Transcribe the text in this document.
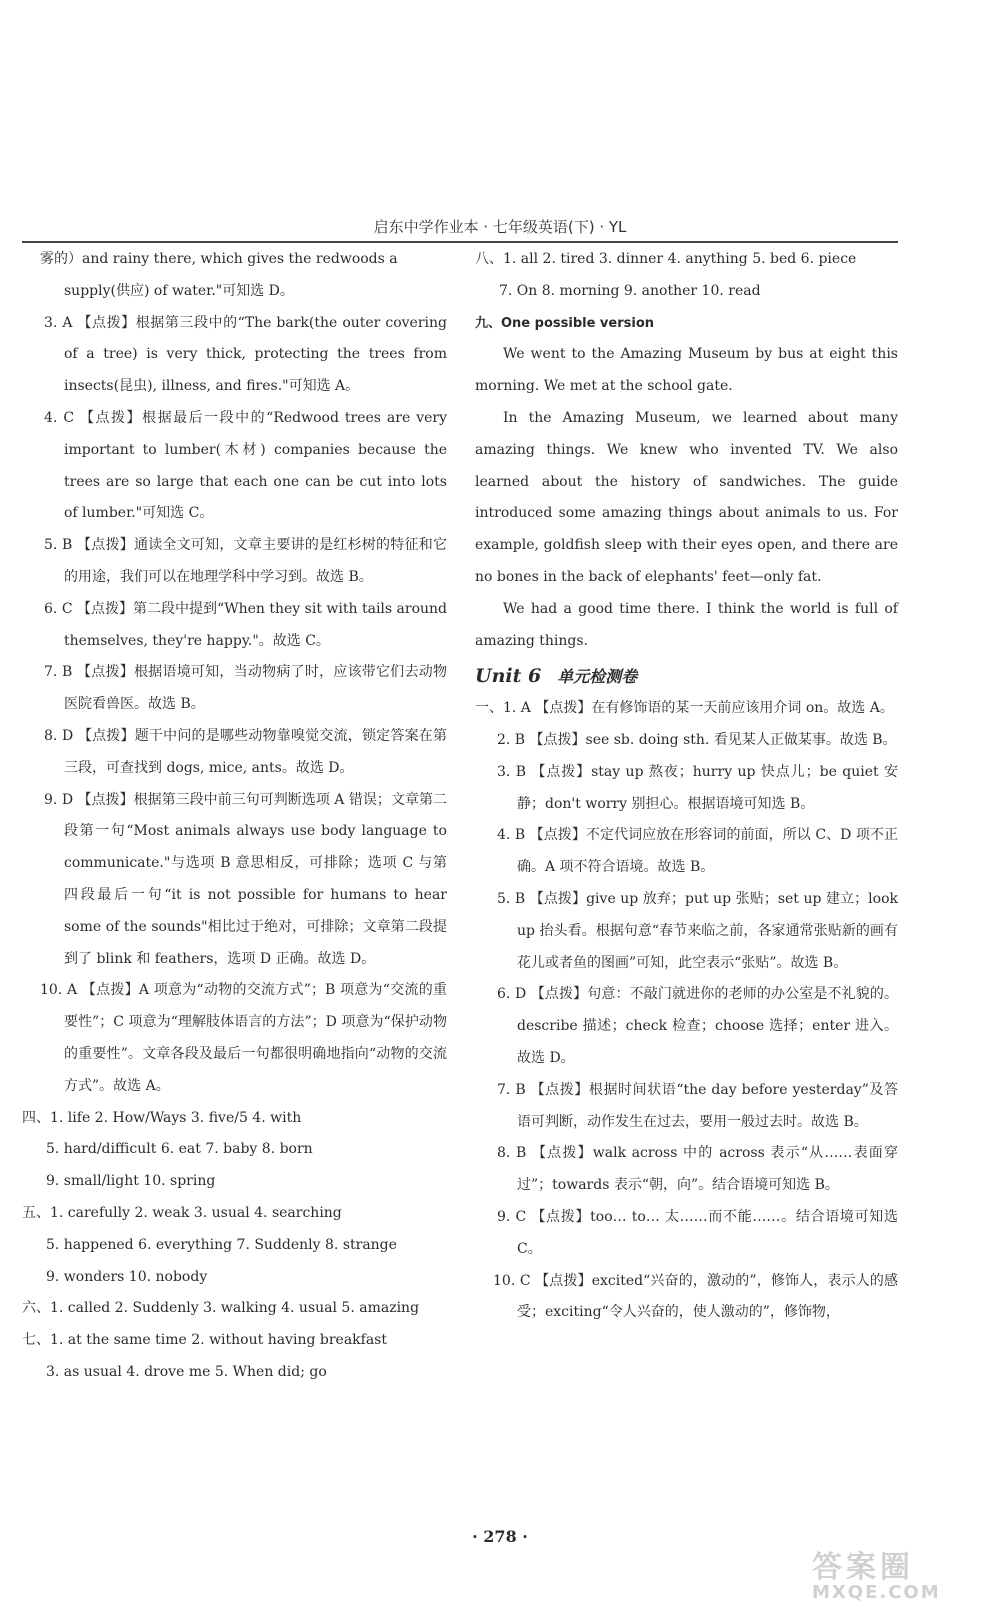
启东中学作业本 · 七年级英语(下) · YL

雾的）and rainy there, which gives the redwoods a

supply(供应) of water."可知选 D。

3. A 【点拨】根据第三段中的“The bark(the outer covering of a tree) is very thick, protecting the trees from insects(昆虫), illness, and fires."可知选 A。

4. C 【点拨】根据最后一段中的“Redwood trees are very important to lumber(木材) companies because the trees are so large that each one can be cut into lots of lumber."可知选 C。

5. B 【点拨】通读全文可知，文章主要讲的是红杉树的特征和它的用途，我们可以在地理学科中学习到。故选 B。

6. C 【点拨】第二段中提到“When they sit with tails around themselves, they're happy."。故选 C。

7. B 【点拨】根据语境可知，当动物病了时，应该带它们去动物医院看兽医。故选 B。

8. D 【点拨】题干中问的是哪些动物靠嗅觉交流，锁定答案在第三段，可查找到 dogs, mice, ants。故选 D。

9. D 【点拨】根据第三段中前三句可判断选项 A 错误；文章第二段第一句“Most animals always use body language to communicate."与选项 B 意思相反，可排除；选项 C 与第四段最后一句“it is not possible for humans to hear some of the sounds"相比过于绝对，可排除；文章第二段提到了 blink 和 feathers，选项 D 正确。故选 D。

10. A 【点拨】A 项意为“动物的交流方式”；B 项意为“交流的重要性”；C 项意为“理解肢体语言的方法”；D 项意为“保护动物的重要性”。文章各段及最后一句都很明确地指向“动物的交流方式”。故选 A。

四、1. life 2. How/Ways 3. five/5 4. with

5. hard/difficult 6. eat 7. baby 8. born

9. small/light 10. spring

五、1. carefully 2. weak 3. usual 4. searching

5. happened 6. everything 7. Suddenly 8. strange

9. wonders 10. nobody

六、1. called 2. Suddenly 3. walking 4. usual 5. amazing

七、1. at the same time 2. without having breakfast

3. as usual 4. drove me 5. When did; go

八、1. all 2. tired 3. dinner 4. anything 5. bed 6. piece

7. On 8. morning 9. another 10. read

九、One possible version

We went to the Amazing Museum by bus at eight this morning. We met at the school gate.

In the Amazing Museum, we learned about many amazing things. We knew who invented TV. We also learned about the history of sandwiches. The guide introduced some amazing things about animals to us. For example, goldfish sleep with their eyes open, and there are no bones in the back of elephants' feet—only fat.

We had a good time there. I think the world is full of amazing things.

Unit 6 单元检测卷

一、1. A 【点拨】在有修饰语的某一天前应该用介词 on。故选 A。

2. B 【点拨】see sb. doing sth. 看见某人正做某事。故选 B。

3. B 【点拨】stay up 熬夜；hurry up 快点儿；be quiet 安静；don't worry 别担心。根据语境可知选 B。

4. B 【点拨】不定代词应放在形容词的前面，所以 C、D 项不正确。A 项不符合语境。故选 B。

5. B 【点拨】give up 放弃；put up 张贴；set up 建立；look up 抬头看。根据句意“春节来临之前，各家通常张贴新的画有花儿或者鱼的图画”可知，此空表示“张贴”。故选 B。

6. D 【点拨】句意：不敲门就进你的老师的办公室是不礼貌的。describe 描述；check 检查；choose 选择；enter 进入。故选 D。

7. B 【点拨】根据时间状语“the day before yesterday”及答语可判断，动作发生在过去，要用一般过去时。故选 B。

8. B 【点拨】walk across 中的 across 表示“从……表面穿过”；towards 表示“朝，向”。结合语境可知选 B。

9. C 【点拨】too… to… 太……而不能……。结合语境可知选 C。

10. C 【点拨】excited“兴奋的，激动的”，修饰人，表示人的感受；exciting“令人兴奋的，使人激动的”，修饰物，

· 278 ·
答案圈
MXQE.COM
